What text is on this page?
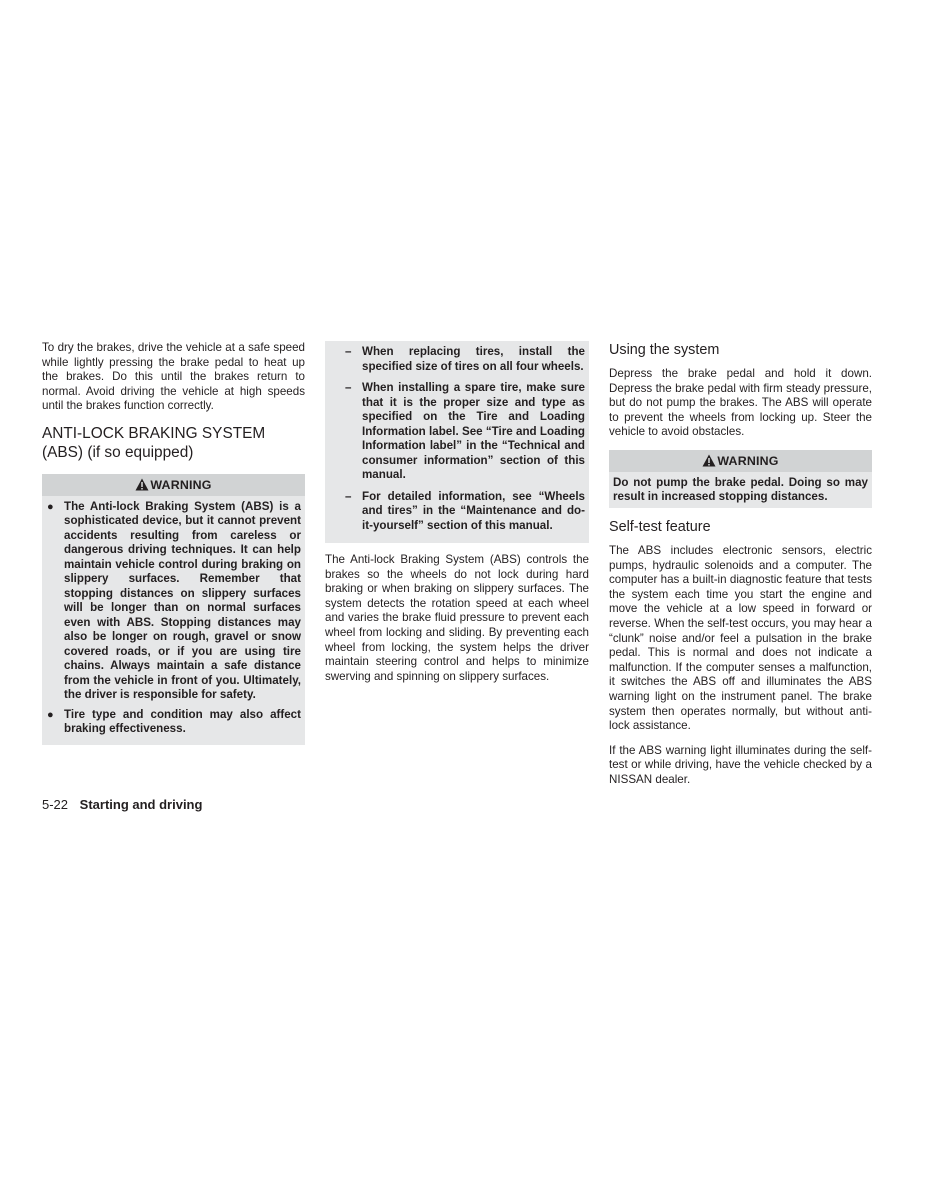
To dry the brakes, drive the vehicle at a safe speed while lightly pressing the brake pedal to heat up the brakes. Do this until the brakes return to normal. Avoid driving the vehicle at high speeds until the brakes function correctly.

ANTI-LOCK BRAKING SYSTEM
(ABS) (if so equipped)
WARNING
● The Anti-lock Braking System (ABS) is a sophisticated device, but it cannot prevent accidents resulting from careless or dangerous driving techniques. It can help maintain vehicle control during braking on slippery surfaces. Remember that stopping distances on slippery surfaces will be longer than on normal surfaces even with ABS. Stopping distances may also be longer on rough, gravel or snow covered roads, or if you are using tire chains. Always maintain a safe distance from the vehicle in front of you. Ultimately, the driver is responsible for safety.
● Tire type and condition may also affect braking effectiveness.
– When replacing tires, install the specified size of tires on all four wheels.
– When installing a spare tire, make sure that it is the proper size and type as specified on the Tire and Loading Information label. See “Tire and Loading Information label” in the “Technical and consumer information” section of this manual.
– For detailed information, see “Wheels and tires” in the “Maintenance and do-it-yourself” section of this manual.

The Anti-lock Braking System (ABS) controls the brakes so the wheels do not lock during hard braking or when braking on slippery surfaces. The system detects the rotation speed at each wheel and varies the brake fluid pressure to prevent each wheel from locking and sliding. By preventing each wheel from locking, the system helps the driver maintain steering control and helps to minimize swerving and spinning on slippery surfaces.

Using the system

Depress the brake pedal and hold it down. Depress the brake pedal with firm steady pressure, but do not pump the brakes. The ABS will operate to prevent the wheels from locking up. Steer the vehicle to avoid obstacles.

WARNING
Do not pump the brake pedal. Doing so may result in increased stopping distances.
Self-test feature

The ABS includes electronic sensors, electric pumps, hydraulic solenoids and a computer. The computer has a built-in diagnostic feature that tests the system each time you start the engine and move the vehicle at a low speed in forward or reverse. When the self-test occurs, you may hear a “clunk” noise and/or feel a pulsation in the brake pedal. This is normal and does not indicate a malfunction. If the computer senses a malfunction, it switches the ABS off and illuminates the ABS warning light on the instrument panel. The brake system then operates normally, but without anti-lock assistance.

If the ABS warning light illuminates during the self-test or while driving, have the vehicle checked by a NISSAN dealer.

5-22 Starting and driving
